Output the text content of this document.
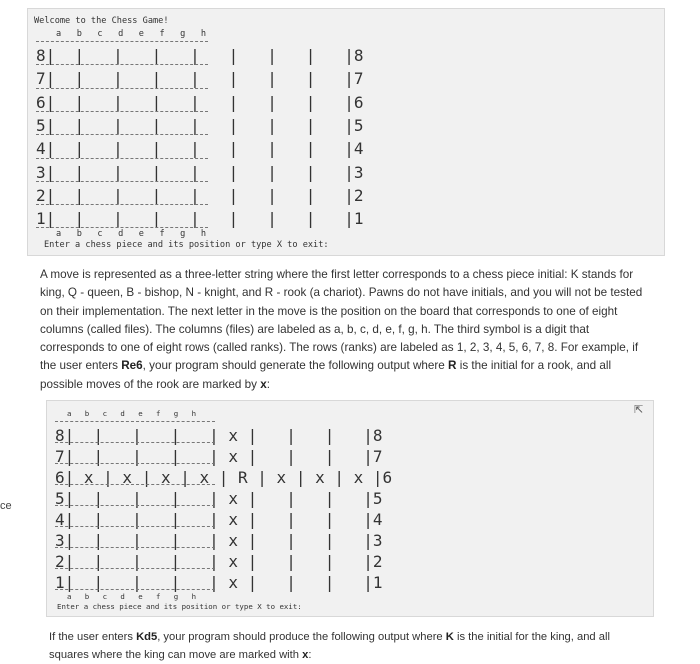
ce
Welcome to the Chess Game!
a   b   c   d   e   f   g   h
8|  |   |   |   |   |   |   |   |8
7|  |   |   |   |   |   |   |   |7
6|  |   |   |   |   |   |   |   |6
5|  |   |   |   |   |   |   |   |5
4|  |   |   |   |   |   |   |   |4
3|  |   |   |   |   |   |   |   |3
2|  |   |   |   |   |   |   |   |2
1|  |   |   |   |   |   |   |   |1
a   b   c   d   e   f   g   h
Enter a chess piece and its position or type X to exit:

A move is represented as a three-letter string where the first letter corresponds to a chess piece initial: K stands for king, Q - queen, B - bishop, N - knight, and R - rook (a chariot). Pawns do not have initials, and you will not be tested on their implementation. The next letter in the move is the position on the board that corresponds to one of eight columns (called files). The columns (files) are labeled as a, b, c, d, e, f, g, h. The third symbol is a digit that corresponds to one of eight rows (called ranks). The rows (ranks) are labeled as 1, 2, 3, 4, 5, 6, 7, 8. For example, if the user enters Re6, your program should generate the following output where R is the initial for a rook, and all possible moves of the rook are marked by x:

a   b   c   d   e   f   g   h
8|  |   |   |   | x |   |   |   |8
7|  |   |   |   | x |   |   |   |7
6| x | x | x | x | R | x | x | x |6
5|  |   |   |   | x |   |   |   |5
4|  |   |   |   | x |   |   |   |4
3|  |   |   |   | x |   |   |   |3
2|  |   |   |   | x |   |   |   |2
1|  |   |   |   | x |   |   |   |1
a   b   c   d   e   f   g   h
Enter a chess piece and its position or type X to exit:
⇱
If the user enters Kd5, your program should produce the following output where K is the initial for the king, and all squares where the king can move are marked with x:
